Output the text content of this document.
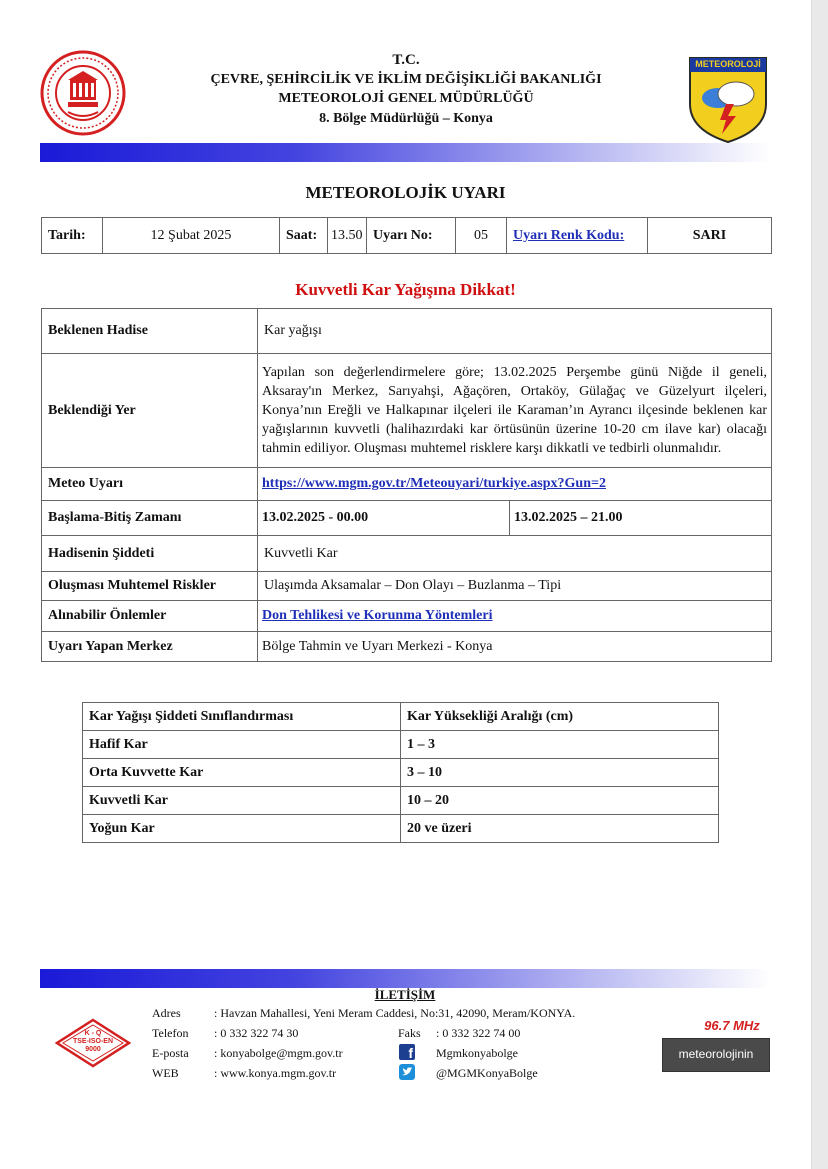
T.C.
ÇEVRE, ŞEHİRCİLİK VE İKLİM DEĞİŞİKLİĞİ BAKANLIĞI
METEOROLOJİ GENEL MÜDÜRLÜĞÜ
8. Bölge Müdürlüğü – Konya
METEOROLOJİ
METEOROLOJİK UYARI
Tarih:	12 Şubat 2025	Saat:	13.50	Uyarı No:	05	Uyarı Renk Kodu:	SARI
Kuvvetli Kar Yağışına Dikkat!
Beklenen Hadise	Kar yağışı	
Beklendiği Yer	Yapılan son değerlendirmelere göre; 13.02.2025 Perşembe günü Niğde il geneli, Aksaray'ın Merkez, Sarıyahşi, Ağaçören, Ortaköy, Gülağaç ve Güzelyurt ilçeleri, Konya’nın Ereğli ve Halkapınar ilçeleri ile Karaman’ın Ayrancı ilçesinde beklenen kar yağışlarının kuvvetli (halihazırdaki kar örtüsünün üzerine 10-20 cm ilave kar) olacağı tahmin ediliyor. Oluşması muhtemel risklere karşı dikkatli ve tedbirli olunmalıdır.	
Meteo Uyarı	https://www.mgm.gov.tr/Meteouyari/turkiye.aspx?Gun=2	
Başlama-Bitiş Zamanı	13.02.2025 - 00.00	13.02.2025 – 21.00
Hadisenin Şiddeti	Kuvvetli Kar	
Oluşması Muhtemel Riskler	Ulaşımda Aksamalar – Don Olayı – Buzlanma – Tipi	
Alınabilir Önlemler	Don Tehlikesi ve Korunma Yöntemleri	
Uyarı Yapan Merkez	Bölge Tahmin ve Uyarı Merkezi - Konya	
Kar Yağışı Şiddeti Sınıflandırması	Kar Yüksekliği Aralığı (cm)
Hafif Kar	1 – 3
Orta Kuvvette Kar	3 – 10
Kuvvetli Kar	10 – 20
Yoğun Kar	20 ve üzeri
İLETİŞİM
K - Q
TSE-ISO-EN
9000
Adres	: Havzan Mahallesi, Yeni Meram Caddesi, No:31, 42090, Meram/KONYA.
Telefon : 0 332 322 74 30	Faks : 0 332 322 74 00
E-posta : konyabolge@mgm.gov.tr	f Mgmkonyabolge
WEB	: www.konya.mgm.gov.tr	@MGMKonyaBolge
96.7 MHz
meteorolojinin
